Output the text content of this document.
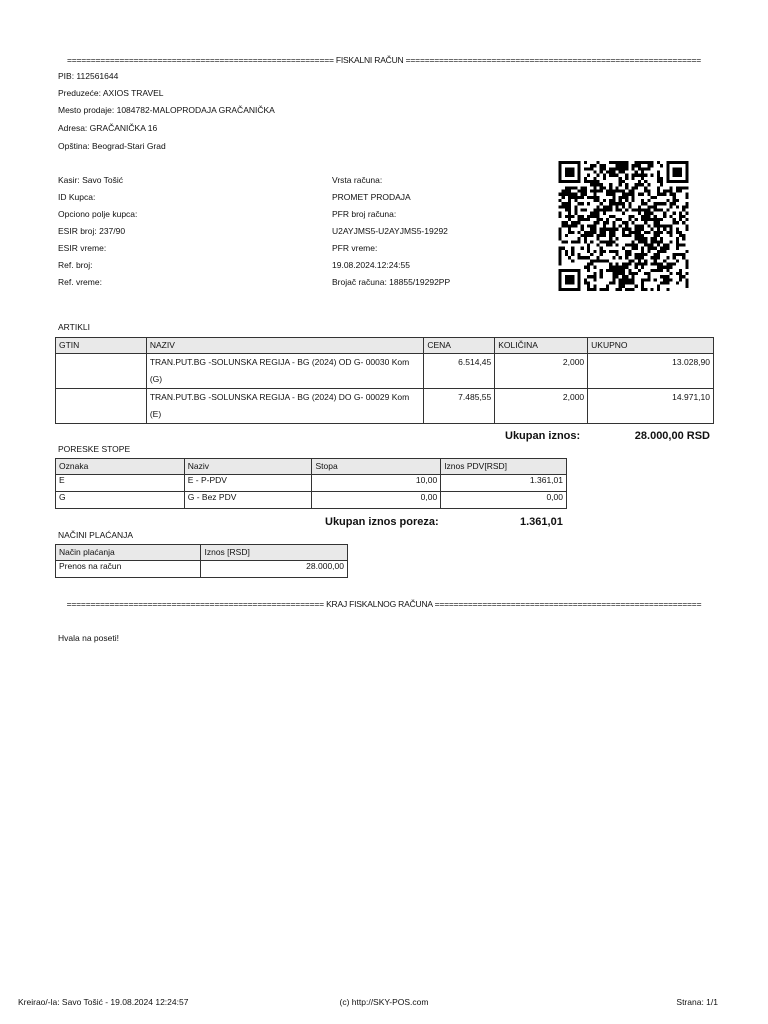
======================================================== FISKALNI RAČUN ==============================================================
PIB: 112561644
Preduzeće: AXIOS TRAVEL
Mesto prodaje: 1084782-MALOPRODAJA GRAČANIČKA
Adresa: GRAČANIČKA 16
Opština: Beograd-Stari Grad
Kasir: Savo Tošić
ID Kupca:
Opciono polje kupca:
ESIR broj: 237/90
ESIR vreme:
Ref. broj:
Ref. vreme:
Vrsta računa:
PROMET PRODAJA
PFR broj računa:
U2AYJMS5-U2AYJMS5-19292
PFR vreme:
19.08.2024.12:24:55
Brojač računa: 18855/19292PP
ARTIKLI
GTIN	NAZIV	CENA	KOLIČINA	UKUPNO
	TRAN.PUT.BG -SOLUNSKA REGIJA - BG (2024) OD G- 00030 Kom
(G)	6.514,45	2,000	13.028,90
	TRAN.PUT.BG -SOLUNSKA REGIJA - BG (2024) DO G- 00029 Kom
(E)	7.485,55	2,000	14.971,10
Ukupan iznos:	28.000,00 RSD
PORESKE STOPE
Oznaka	Naziv	Stopa	Iznos PDV[RSD]
E	E - P-PDV	10,00	1.361,01
G	G - Bez PDV	0,00	0,00
Ukupan iznos poreza:	1.361,01
NAČINI PLAĆANJA
Način plaćanja	Iznos [RSD]
Prenos na račun	28.000,00
====================================================== KRAJ FISKALNOG RAČUNA ========================================================
Hvala na poseti!
Kreirao/-la: Savo Tošić - 19.08.2024 12:24:57	(c) http://SKY-POS.com	Strana: 1/1
